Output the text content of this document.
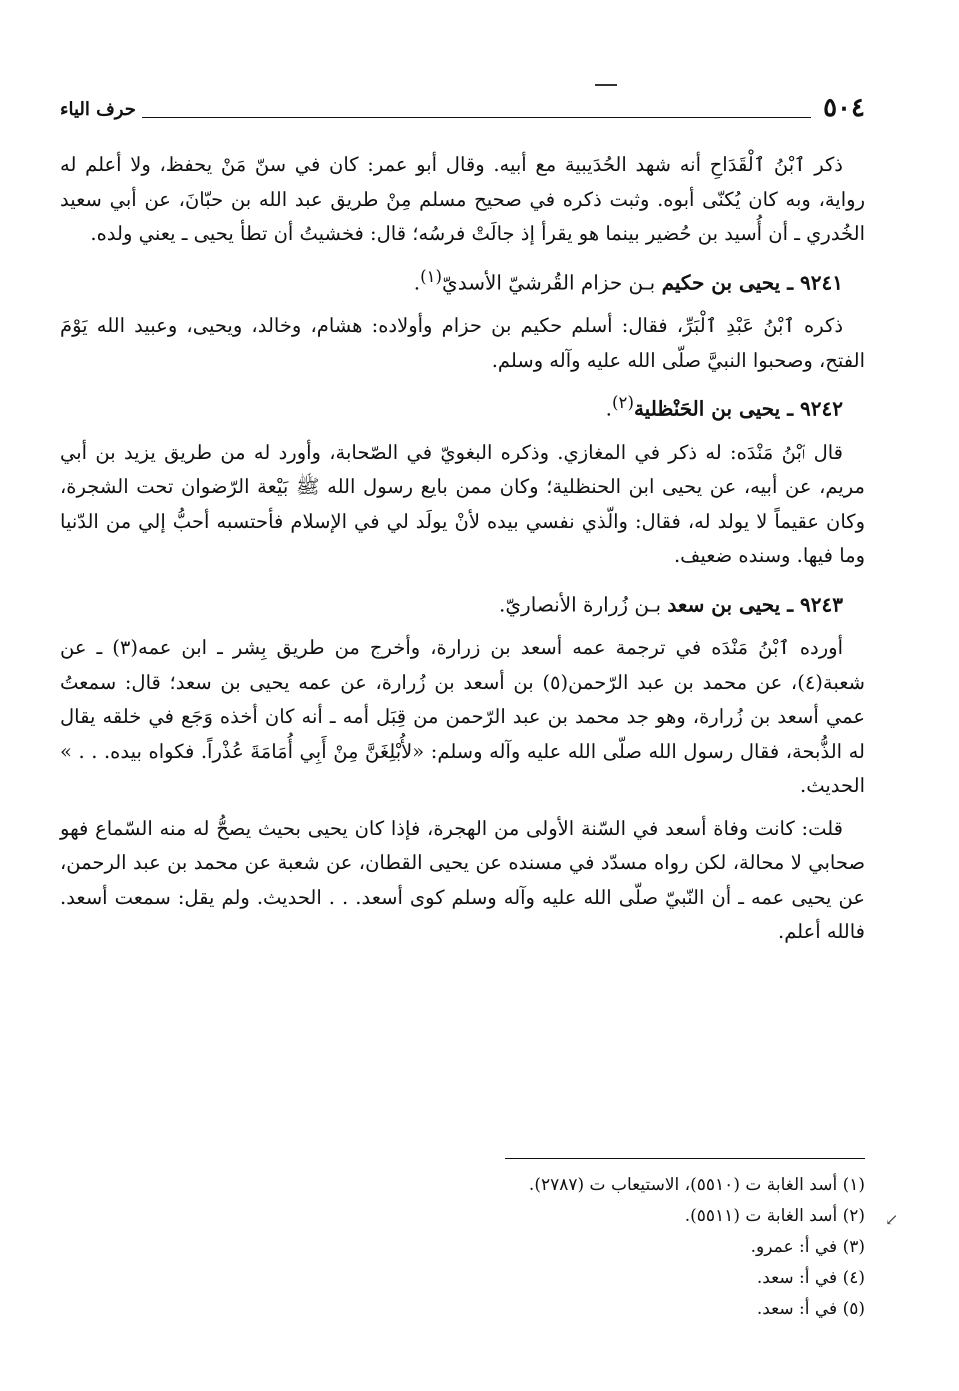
٥٠٤
حرف الياء

ذكر ٱبْنُ ٱلْقَدَاحِ أنه شهد الحُدَيبية مع أبيه. وقال أبو عمر: كان في سنّ مَنْ يحفظ، ولا أعلم له رواية، وبه كان يُكنّى أبوه. وثبت ذكره في صحيح مسلم مِنْ طريق عبد الله بن حبّانَ، عن أبي سعيد الخُدري ـ أن أُسيد بن حُضير بينما هو يقرأ إذ جالَتْ فرسُه؛ قال: فخشيتُ أن تطأ يحيى ـ يعني ولده.

٩٢٤١ ـ يحيى بن حكيم بـن حزام القُرشيّ الأسديّ$^{(١)}$.

ذكره ٱبْنُ عَبْدِ ٱلْبَرِّ، فقال: أسلم حكيم بن حزام وأولاده: هشام، وخالد، ويحيى، وعبيد الله يَوْمَ الفتح، وصحبوا النبيَّ صلّى الله عليه وآله وسلم.

٩٢٤٢ ـ يحيى بن الحَنْظلية$^{(٢)}$.

قال ٱبْنُ مَنْدَه: له ذكر في المغازي. وذكره البغويّ في الصّحابة، وأورد له من طريق يزيد بن أبي مريم، عن أبيه، عن يحيى ابن الحنظلية؛ وكان ممن بايع رسول الله ﷺ بَيْعة الرّضوان تحت الشجرة، وكان عقيماً لا يولد له، فقال: والّذي نفسي بيده لأنْ يولَد لي في الإسلام فأحتسبه أحبُّ إلي من الدّنيا وما فيها. وسنده ضعيف.

٩٢٤٣ ـ يحيى بن سعد بـن زُرارة الأنصاريّ.

أورده ٱبْنُ مَنْدَه في ترجمة عمه أسعد بن زرارة، وأخرج من طريق بِشر ـ ابن عمه(٣) ـ عن شعبة(٤)، عن محمد بن عبد الرّحمن(٥) بن أسعد بن زُرارة، عن عمه يحيى بن سعد؛ قال: سمعتُ عمي أسعد بن زُرارة، وهو جد محمد بن عبد الرّحمن من قِبَل أمه ـ أنه كان أخذه وَجَع في خلقه يقال له الذُّبحة، فقال رسول الله صلّى الله عليه وآله وسلم: «لأُبْلِغَنَّ مِنْ أَبِي أُمَامَةَ عُذْراً. فكواه بيده. . . » الحديث.

قلت: كانت وفاة أسعد في السّنة الأولى من الهجرة، فإذا كان يحيى بحيث يصحُّ له منه السّماع فهو صحابي لا محالة، لكن رواه مسدّد في مسنده عن يحيى القطان، عن شعبة عن محمد بن عبد الرحمن، عن يحيى عمه ـ أن النّبيّ صلّى الله عليه وآله وسلم كوى أسعد. . . الحديث. ولم يقل: سمعت أسعد. فالله أعلم.

(١) أسد الغابة ت (٥٥١٠)، الاستيعاب ت (٢٧٨٧).

(٢) أسد الغابة ت (٥٥١١).

(٣) في أ: عمرو.

(٤) في أ: سعد.

(٥) في أ: سعد.

↙
